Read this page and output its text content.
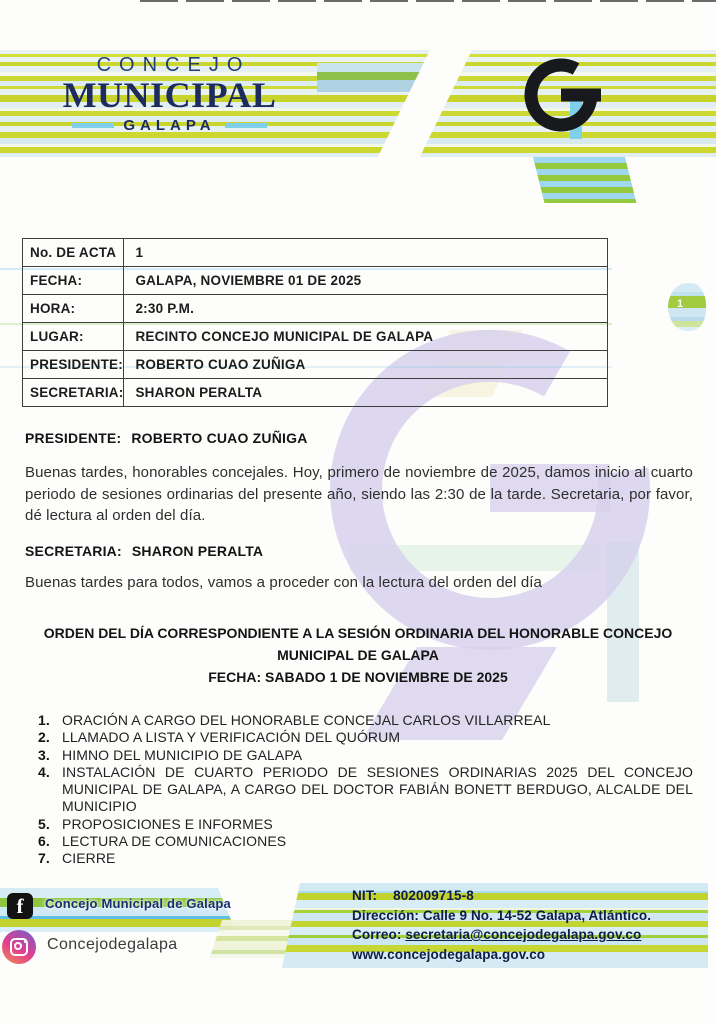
CONCEJO
MUNICIPAL
GALAPA
1
No. DE ACTA	1
FECHA:	GALAPA, NOVIEMBRE 01 DE 2025
HORA:	2:30 P.M.
LUGAR:	RECINTO CONCEJO MUNICIPAL DE GALAPA
PRESIDENTE:	ROBERTO CUAO ZUÑIGA
SECRETARIA:	SHARON PERALTA
PRESIDENTE: ROBERTO CUAO ZUÑIGA

Buenas tardes, honorables concejales. Hoy, primero de noviembre de 2025, damos inicio al cuarto periodo de sesiones ordinarias del presente año, siendo las 2:30 de la tarde. Secretaria, por favor, dé lectura al orden del día.

SECRETARIA: SHARON PERALTA

Buenas tardes para todos, vamos a proceder con la lectura del orden del día

ORDEN DEL DÍA CORRESPONDIENTE A LA SESIÓN ORDINARIA DEL HONORABLE CONCEJO MUNICIPAL DE GALAPA
FECHA: SABADO 1 DE NOVIEMBRE DE 2025
ORACIÓN A CARGO DEL HONORABLE CONCEJAL CARLOS VILLARREAL
LLAMADO A LISTA Y VERIFICACIÓN DEL QUÓRUM
HIMNO DEL MUNICIPIO DE GALAPA
INSTALACIÓN DE CUARTO PERIODO DE SESIONES ORDINARIAS 2025 DEL CONCEJO MUNICIPAL DE GALAPA, A CARGO DEL DOCTOR FABIÁN BONETT BERDUGO, ALCALDE DEL MUNICIPIO
PROPOSICIONES E INFORMES
LECTURA DE COMUNICACIONES
CIERRE
f	Concejo Municipal de Galapa
Concejodegalapa
NIT: 802009715-8
Dirección: Calle 9 No. 14-52 Galapa, Atlántico.
Correo: secretaria@concejodegalapa.gov.co
www.concejodegalapa.gov.co
